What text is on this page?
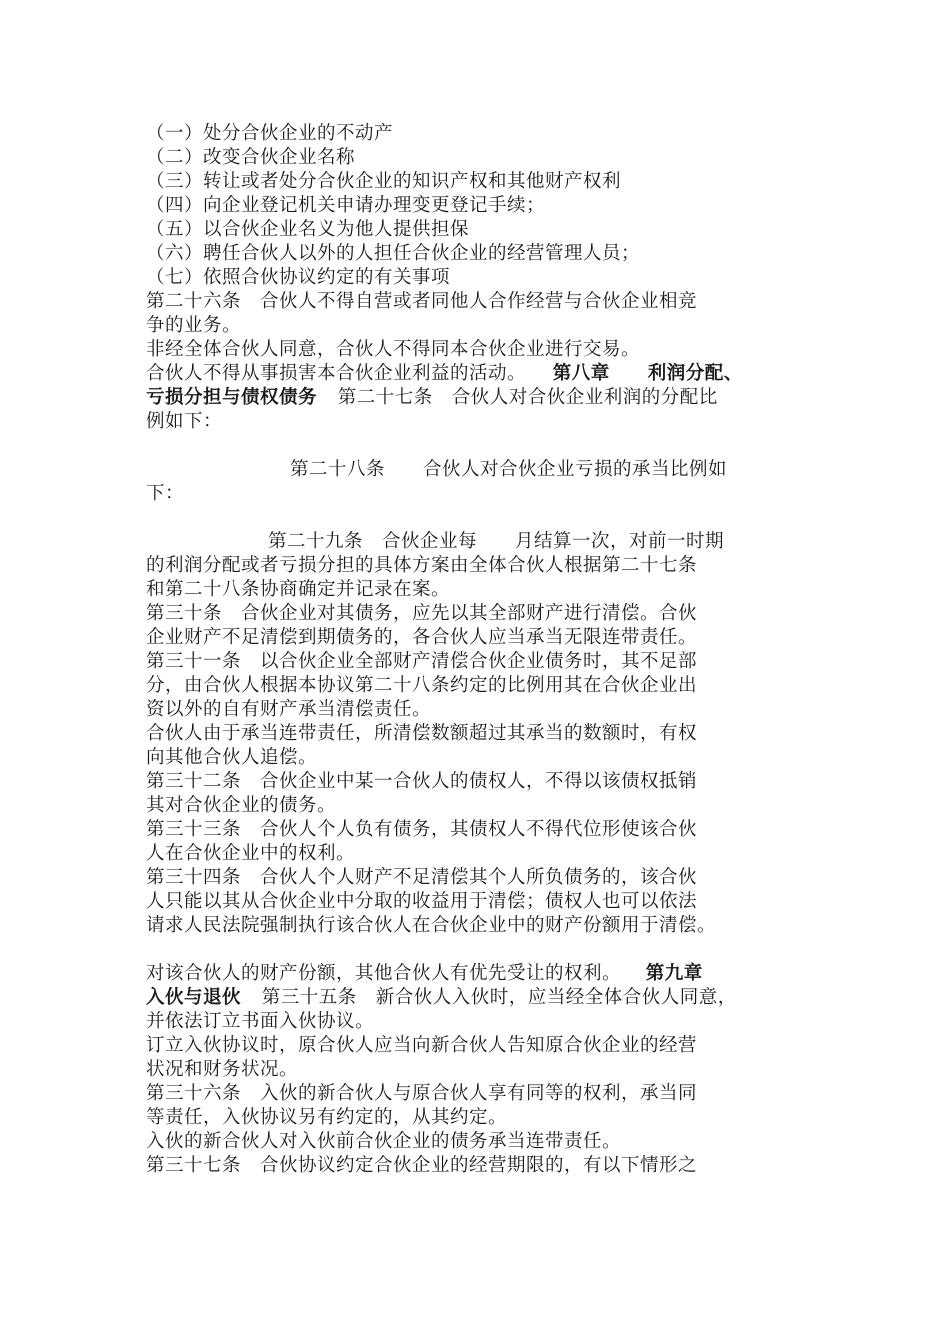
（一）处分合伙企业的不动产
（二）改变合伙企业名称
（三）转让或者处分合伙企业的知识产权和其他财产权利
（四）向企业登记机关申请办理变更登记手续；
（五）以合伙企业名义为他人提供担保
（六）聘任合伙人以外的人担任合伙企业的经营管理人员；
（七）依照合伙协议约定的有关事项
第二十六条　合伙人不得自营或者同他人合作经营与合伙企业相竞
争的业务。
非经全体合伙人同意，合伙人不得同本合伙企业进行交易。
合伙人不得从事损害本合伙企业利益的活动。 第八章　　利润分配、
亏损分担与债权债务 第二十七条　合伙人对合伙企业利润的分配比
例如下：
第二十八条　　合伙人对合伙企业亏损的承当比例如
下：
第二十九条　合伙企业每　　月结算一次，对前一时期
的利润分配或者亏损分担的具体方案由全体合伙人根据第二十七条
和第二十八条协商确定并记录在案。
第三十条　合伙企业对其债务，应先以其全部财产进行清偿。合伙
企业财产不足清偿到期债务的，各合伙人应当承当无限连带责任。
第三十一条　以合伙企业全部财产清偿合伙企业债务时，其不足部
分，由合伙人根据本协议第二十八条约定的比例用其在合伙企业出
资以外的自有财产承当清偿责任。
合伙人由于承当连带责任，所清偿数额超过其承当的数额时，有权
向其他合伙人追偿。
第三十二条　合伙企业中某一合伙人的债权人，不得以该债权抵销
其对合伙企业的债务。
第三十三条　合伙人个人负有债务，其债权人不得代位形使该合伙
人在合伙企业中的权利。
第三十四条　合伙人个人财产不足清偿其个人所负债务的，该合伙
人只能以其从合伙企业中分取的收益用于清偿；债权人也可以依法
请求人民法院强制执行该合伙人在合伙企业中的财产份额用于清偿。
对该合伙人的财产份额，其他合伙人有优先受让的权利。 第九章
入伙与退伙 第三十五条　新合伙人入伙时，应当经全体合伙人同意，
并依法订立书面入伙协议。
订立入伙协议时，原合伙人应当向新合伙人告知原合伙企业的经营
状况和财务状况。
第三十六条　入伙的新合伙人与原合伙人享有同等的权利，承当同
等责任，入伙协议另有约定的，从其约定。
入伙的新合伙人对入伙前合伙企业的债务承当连带责任。
第三十七条　合伙协议约定合伙企业的经营期限的，有以下情形之
